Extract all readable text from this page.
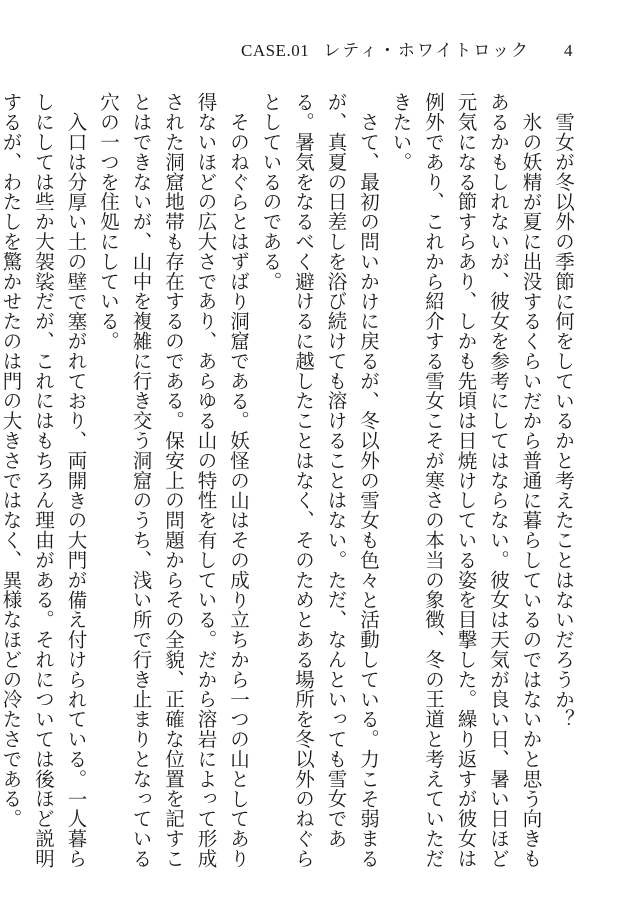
CASE.01 レティ・ホワイトロック 4

雪女が冬以外の季節に何をしているかと考えたことはないだろうか？

氷の妖精が夏に出没するくらいだから普通に暮らしているのではないかと思う向きもあるかもしれないが、彼女を参考にしてはならない。彼女は天気が良い日、暑い日ほど元気になる節すらあり、しかも先頃は日焼けしている姿を目撃した。繰り返すが彼女は例外であり、これから紹介する雪女こそが寒さの本当の象徴、冬の王道と考えていただきたい。

さて、最初の問いかけに戻るが、冬以外の雪女も色々と活動している。力こそ弱まるが、真夏の日差しを浴び続けても溶けることはない。ただ、なんといっても雪女である。暑気をなるべく避けるに越したことはなく、そのためとある場所を冬以外のねぐらとしているのである。

そのねぐらとはずばり洞窟である。妖怪の山はその成り立ちから一つの山としてあり得ないほどの広大さであり、あらゆる山の特性を有している。だから溶岩によって形成された洞窟地帯も存在するのである。保安上の問題からその全貌、正確な位置を記すことはできないが、山中を複雑に行き交う洞窟のうち、浅い所で行き止まりとなっている穴の一つを住処にしている。

入口は分厚い土の壁で塞がれており、両開きの大門が備え付けられている。一人暮らしにしては些か大袈裟だが、これにはもちろん理由がある。それについては後ほど説明するが、わたしを驚かせたのは門の大きさではなく、異様なほどの冷たさである。
